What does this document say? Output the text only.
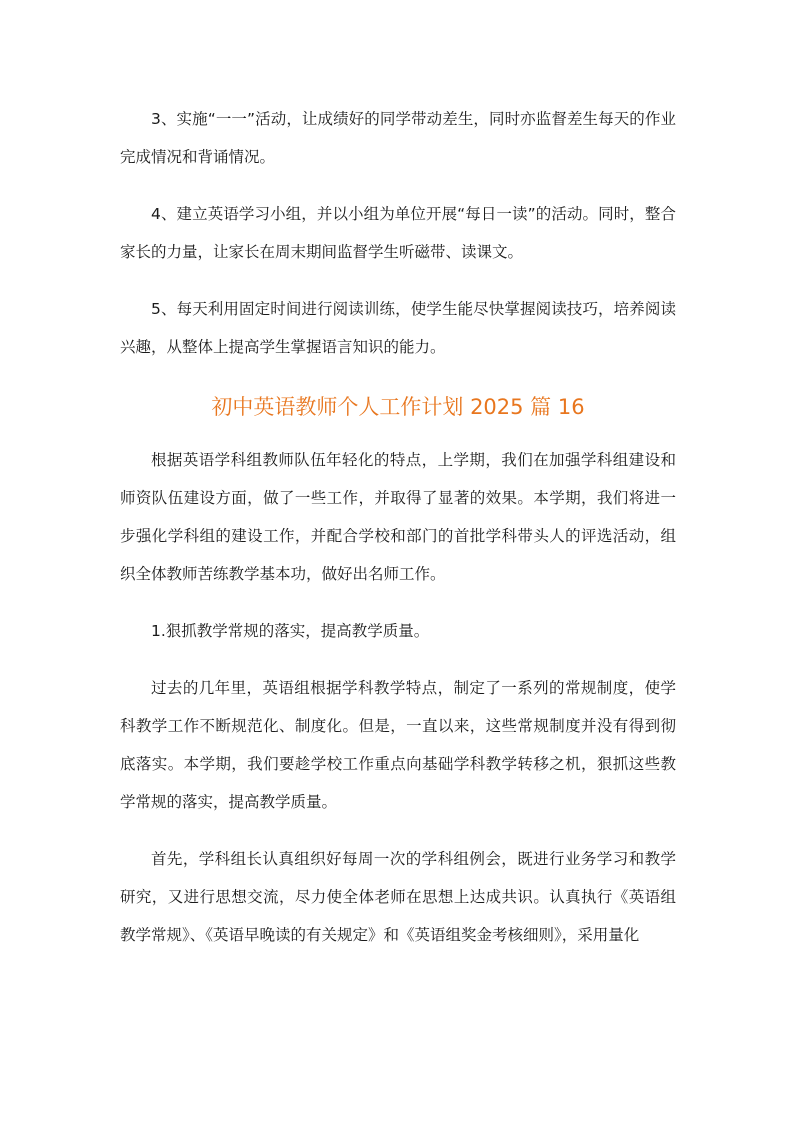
3、实施“一一”活动，让成绩好的同学带动差生，同时亦监督差生每天的作业完成情况和背诵情况。

4、建立英语学习小组，并以小组为单位开展“每日一读”的活动。同时，整合家长的力量，让家长在周末期间监督学生听磁带、读课文。

5、每天利用固定时间进行阅读训练，使学生能尽快掌握阅读技巧，培养阅读兴趣，从整体上提高学生掌握语言知识的能力。

初中英语教师个人工作计划 2025 篇 16

根据英语学科组教师队伍年轻化的特点，上学期，我们在加强学科组建设和师资队伍建设方面，做了一些工作，并取得了显著的效果。本学期，我们将进一步强化学科组的建设工作，并配合学校和部门的首批学科带头人的评选活动，组织全体教师苦练教学基本功，做好出名师工作。

1.狠抓教学常规的落实，提高教学质量。

过去的几年里，英语组根据学科教学特点，制定了一系列的常规制度，使学科教学工作不断规范化、制度化。但是，一直以来，这些常规制度并没有得到彻底落实。本学期，我们要趁学校工作重点向基础学科教学转移之机，狠抓这些教学常规的落实，提高教学质量。

首先，学科组长认真组织好每周一次的学科组例会，既进行业务学习和教学研究，又进行思想交流，尽力使全体老师在思想上达成共识。认真执行《英语组教学常规》、《英语早晚读的有关规定》和《英语组奖金考核细则》，采用量化
